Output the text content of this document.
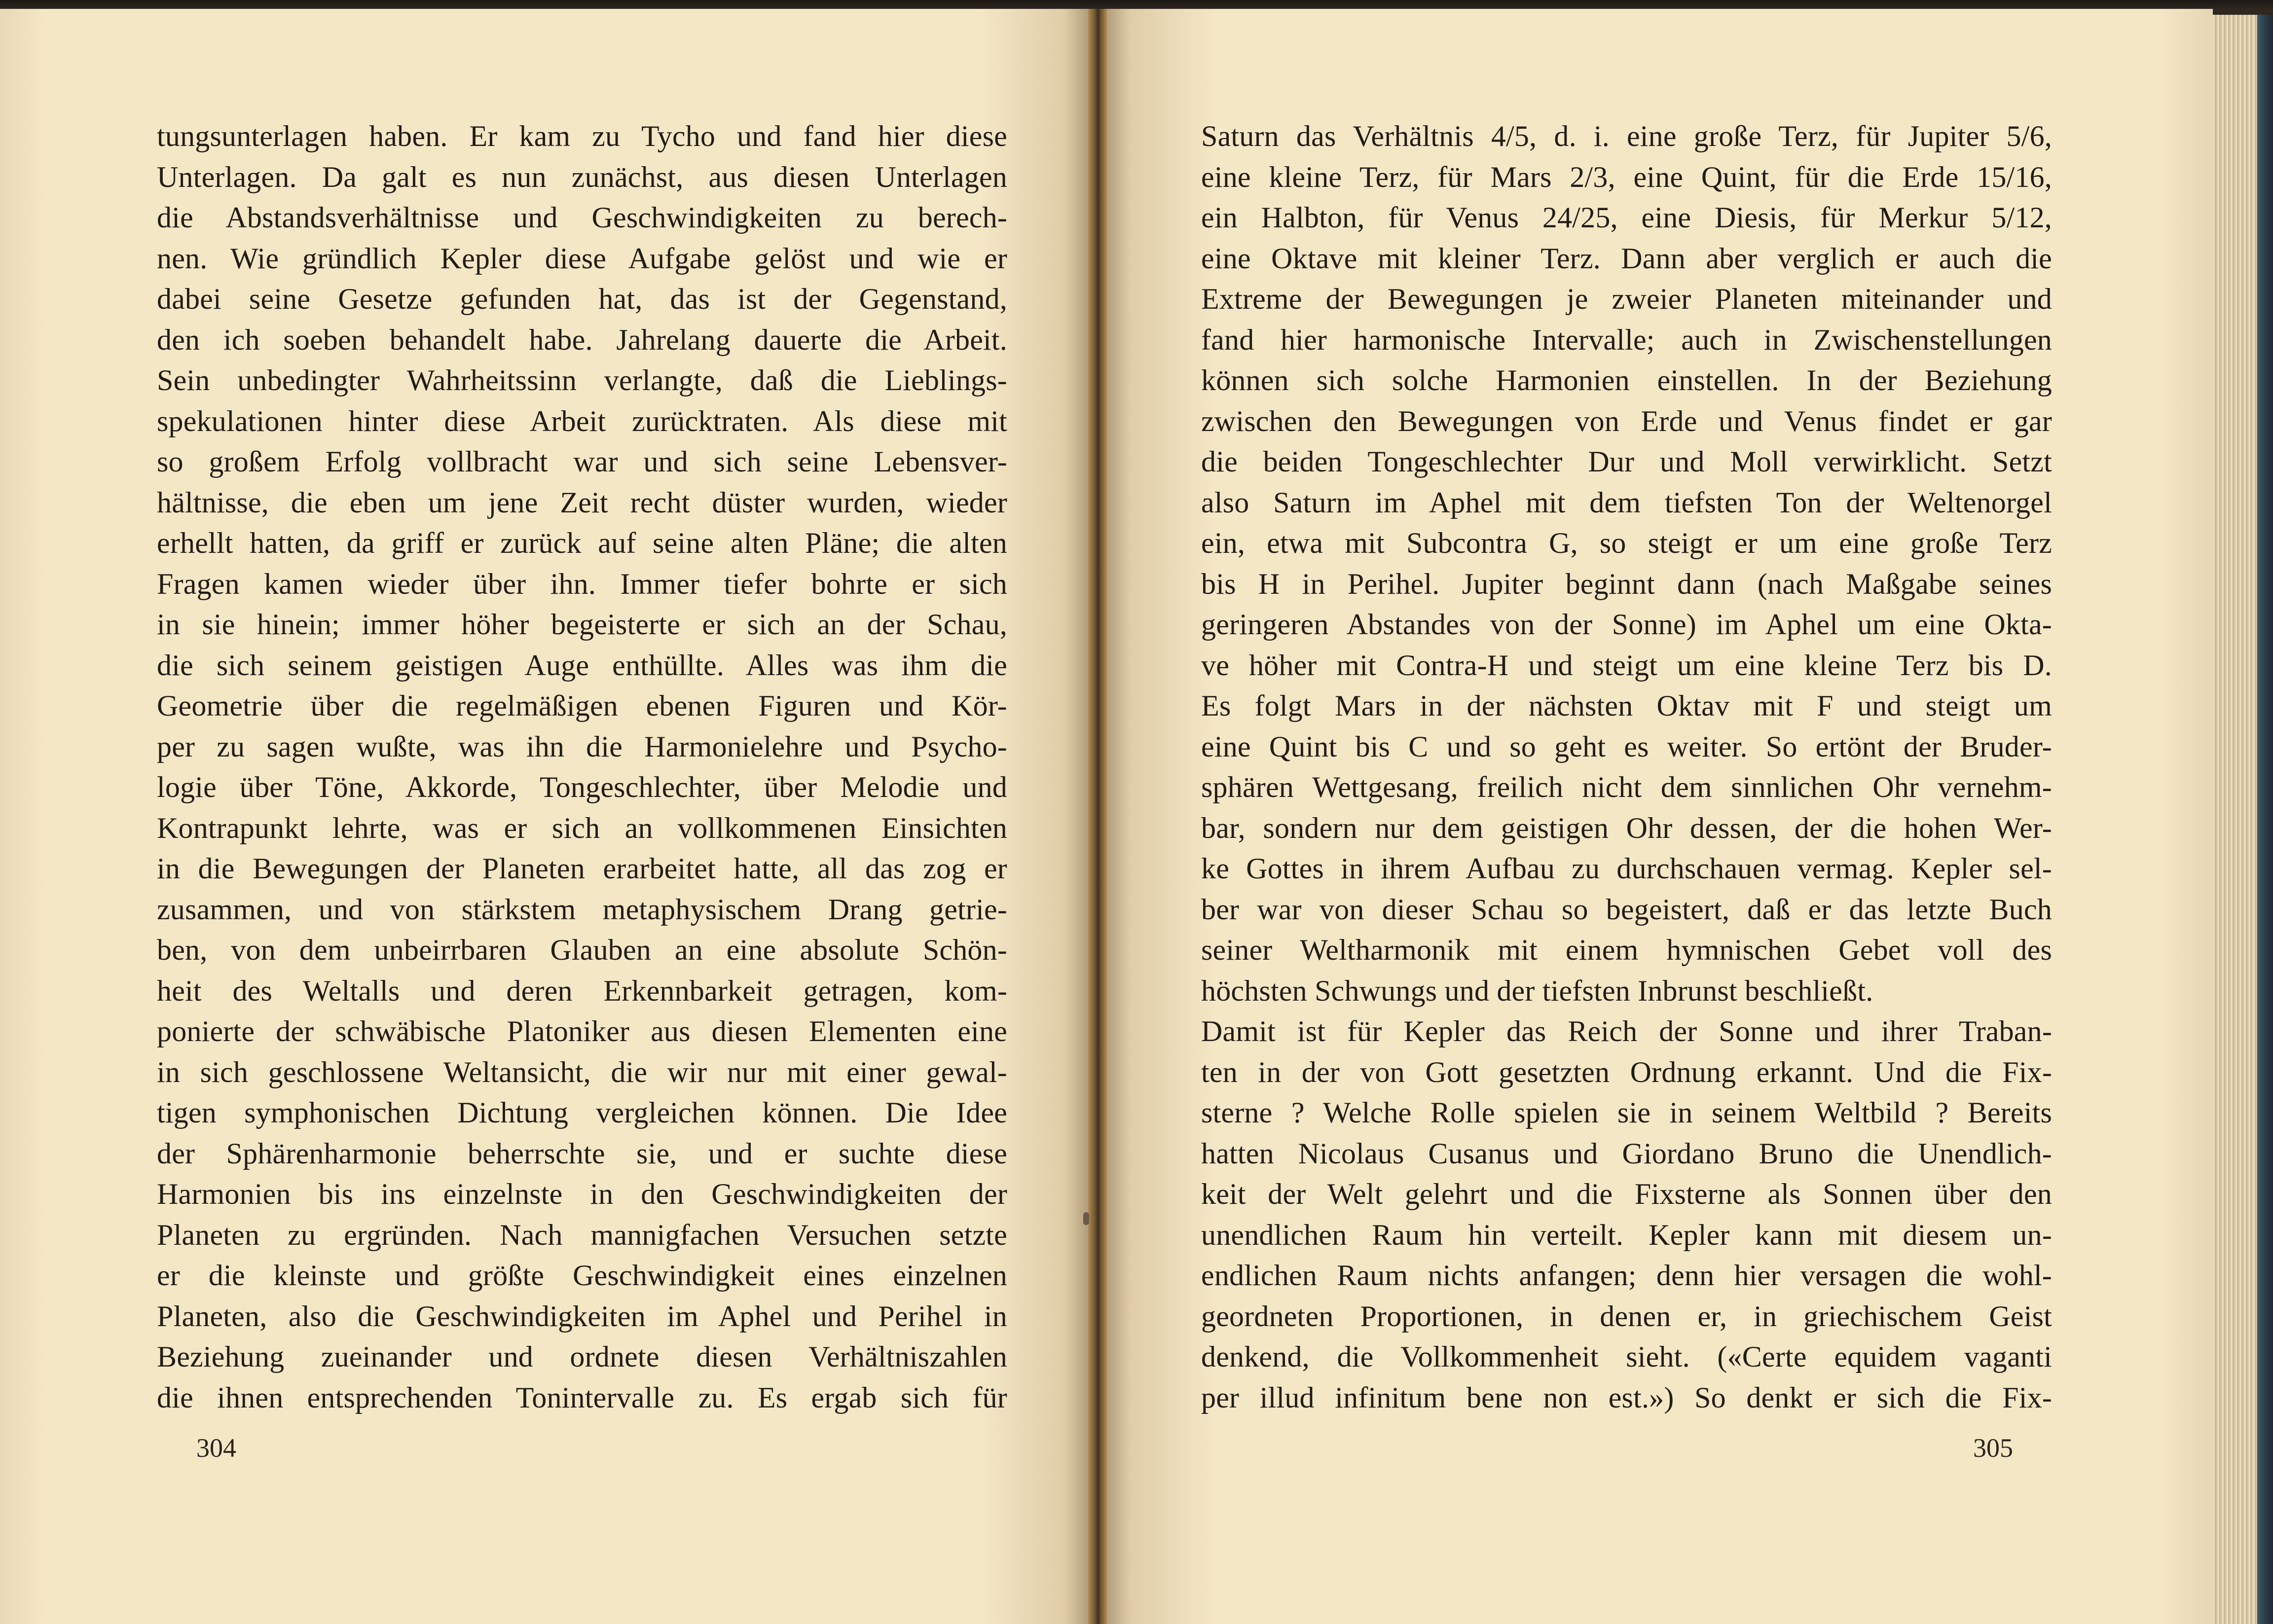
tungsunterlagen haben. Er kam zu Tycho und fand hier diese
Unterlagen. Da galt es nun zunächst, aus diesen Unterlagen
die Abstandsverhältnisse und Geschwindigkeiten zu berech-
nen. Wie gründlich Kepler diese Aufgabe gelöst und wie er
dabei seine Gesetze gefunden hat, das ist der Gegenstand,
den ich soeben behandelt habe. Jahrelang dauerte die Arbeit.
Sein unbedingter Wahrheitssinn verlangte, daß die Lieblings-
spekulationen hinter diese Arbeit zurücktraten. Als diese mit
so großem Erfolg vollbracht war und sich seine Lebensver-
hältnisse, die eben um jene Zeit recht düster wurden, wieder
erhellt hatten, da griff er zurück auf seine alten Pläne; die alten
Fragen kamen wieder über ihn. Immer tiefer bohrte er sich
in sie hinein; immer höher begeisterte er sich an der Schau,
die sich seinem geistigen Auge enthüllte. Alles was ihm die
Geometrie über die regelmäßigen ebenen Figuren und Kör-
per zu sagen wußte, was ihn die Harmonielehre und Psycho-
logie über Töne, Akkorde, Tongeschlechter, über Melodie und
Kontrapunkt lehrte, was er sich an vollkommenen Einsichten
in die Bewegungen der Planeten erarbeitet hatte, all das zog er
zusammen, und von stärkstem metaphysischem Drang getrie-
ben, von dem unbeirrbaren Glauben an eine absolute Schön-
heit des Weltalls und deren Erkennbarkeit getragen, kom-
ponierte der schwäbische Platoniker aus diesen Elementen eine
in sich geschlossene Weltansicht, die wir nur mit einer gewal-
tigen symphonischen Dichtung vergleichen können. Die Idee
der Sphärenharmonie beherrschte sie, und er suchte diese
Harmonien bis ins einzelnste in den Geschwindigkeiten der
Planeten zu ergründen. Nach mannigfachen Versuchen setzte
er die kleinste und größte Geschwindigkeit eines einzelnen
Planeten, also die Geschwindigkeiten im Aphel und Perihel in
Beziehung zueinander und ordnete diesen Verhältniszahlen
die ihnen entsprechenden Tonintervalle zu. Es ergab sich für
Saturn das Verhältnis 4/5, d. i. eine große Terz, für Jupiter 5/6,
eine kleine Terz, für Mars 2/3, eine Quint, für die Erde 15/16,
ein Halbton, für Venus 24/25, eine Diesis, für Merkur 5/12,
eine Oktave mit kleiner Terz. Dann aber verglich er auch die
Extreme der Bewegungen je zweier Planeten miteinander und
fand hier harmonische Intervalle; auch in Zwischenstellungen
können sich solche Harmonien einstellen. In der Beziehung
zwischen den Bewegungen von Erde und Venus findet er gar
die beiden Tongeschlechter Dur und Moll verwirklicht. Setzt
also Saturn im Aphel mit dem tiefsten Ton der Weltenorgel
ein, etwa mit Subcontra G, so steigt er um eine große Terz
bis H in Perihel. Jupiter beginnt dann (nach Maßgabe seines
geringeren Abstandes von der Sonne) im Aphel um eine Okta-
ve höher mit Contra-H und steigt um eine kleine Terz bis D.
Es folgt Mars in der nächsten Oktav mit F und steigt um
eine Quint bis C und so geht es weiter. So ertönt der Bruder-
sphären Wettgesang, freilich nicht dem sinnlichen Ohr vernehm-
bar, sondern nur dem geistigen Ohr dessen, der die hohen Wer-
ke Gottes in ihrem Aufbau zu durchschauen vermag. Kepler sel-
ber war von dieser Schau so begeistert, daß er das letzte Buch
seiner Weltharmonik mit einem hymnischen Gebet voll des
höchsten Schwungs und der tiefsten Inbrunst beschließt.
Damit ist für Kepler das Reich der Sonne und ihrer Traban-
ten in der von Gott gesetzten Ordnung erkannt. Und die Fix-
sterne ? Welche Rolle spielen sie in seinem Weltbild ? Bereits
hatten Nicolaus Cusanus und Giordano Bruno die Unendlich-
keit der Welt gelehrt und die Fixsterne als Sonnen über den
unendlichen Raum hin verteilt. Kepler kann mit diesem un-
endlichen Raum nichts anfangen; denn hier versagen die wohl-
geordneten Proportionen, in denen er, in griechischem Geist
denkend, die Vollkommenheit sieht. («Certe equidem vaganti
per illud infinitum bene non est.») So denkt er sich die Fix-
304	305
